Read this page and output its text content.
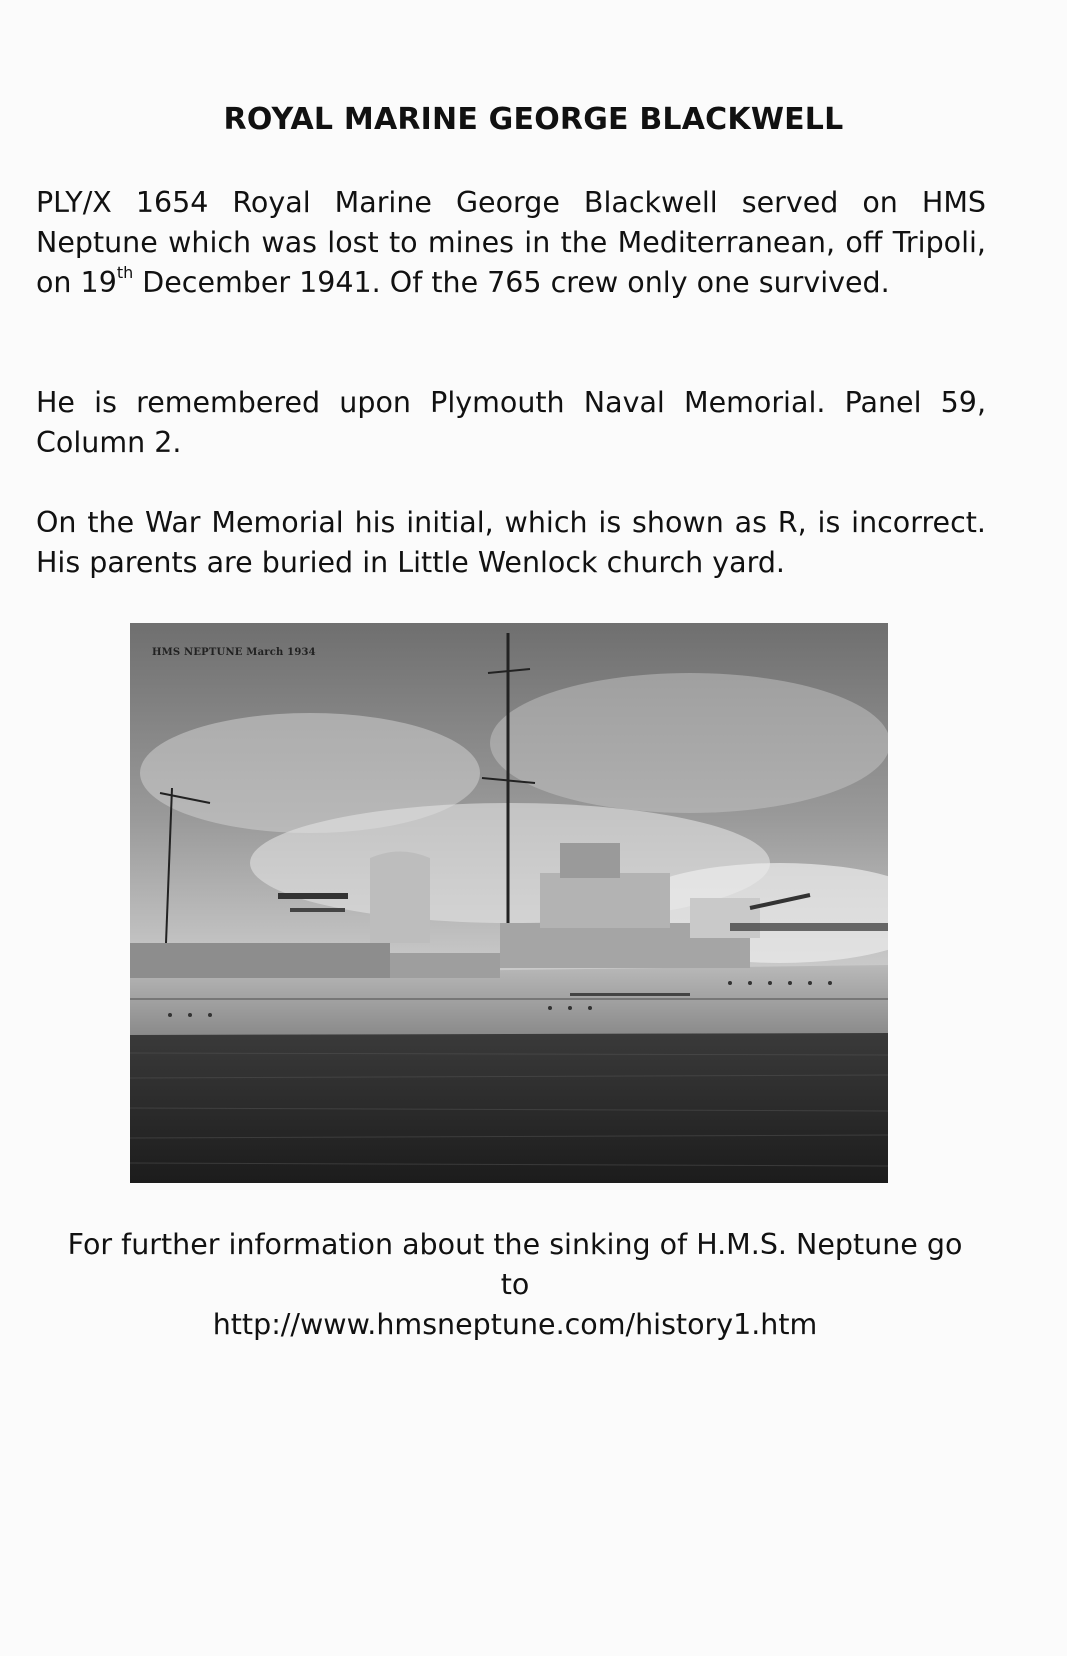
ROYAL MARINE GEORGE BLACKWELL

PLY/X 1654 Royal Marine George Blackwell served on HMS Neptune which was lost to mines in the Mediterranean, off Tripoli, on 19th December 1941. Of the 765 crew only one survived.

He is remembered upon Plymouth Naval Memorial. Panel 59, Column 2.

On the War Memorial his initial, which is shown as R, is incorrect. His parents are buried in Little Wenlock church yard.

HMS NEPTUNE March 1934

For further information about the sinking of H.M.S. Neptune go
to
http://www.hmsneptune.com/history1.htm
